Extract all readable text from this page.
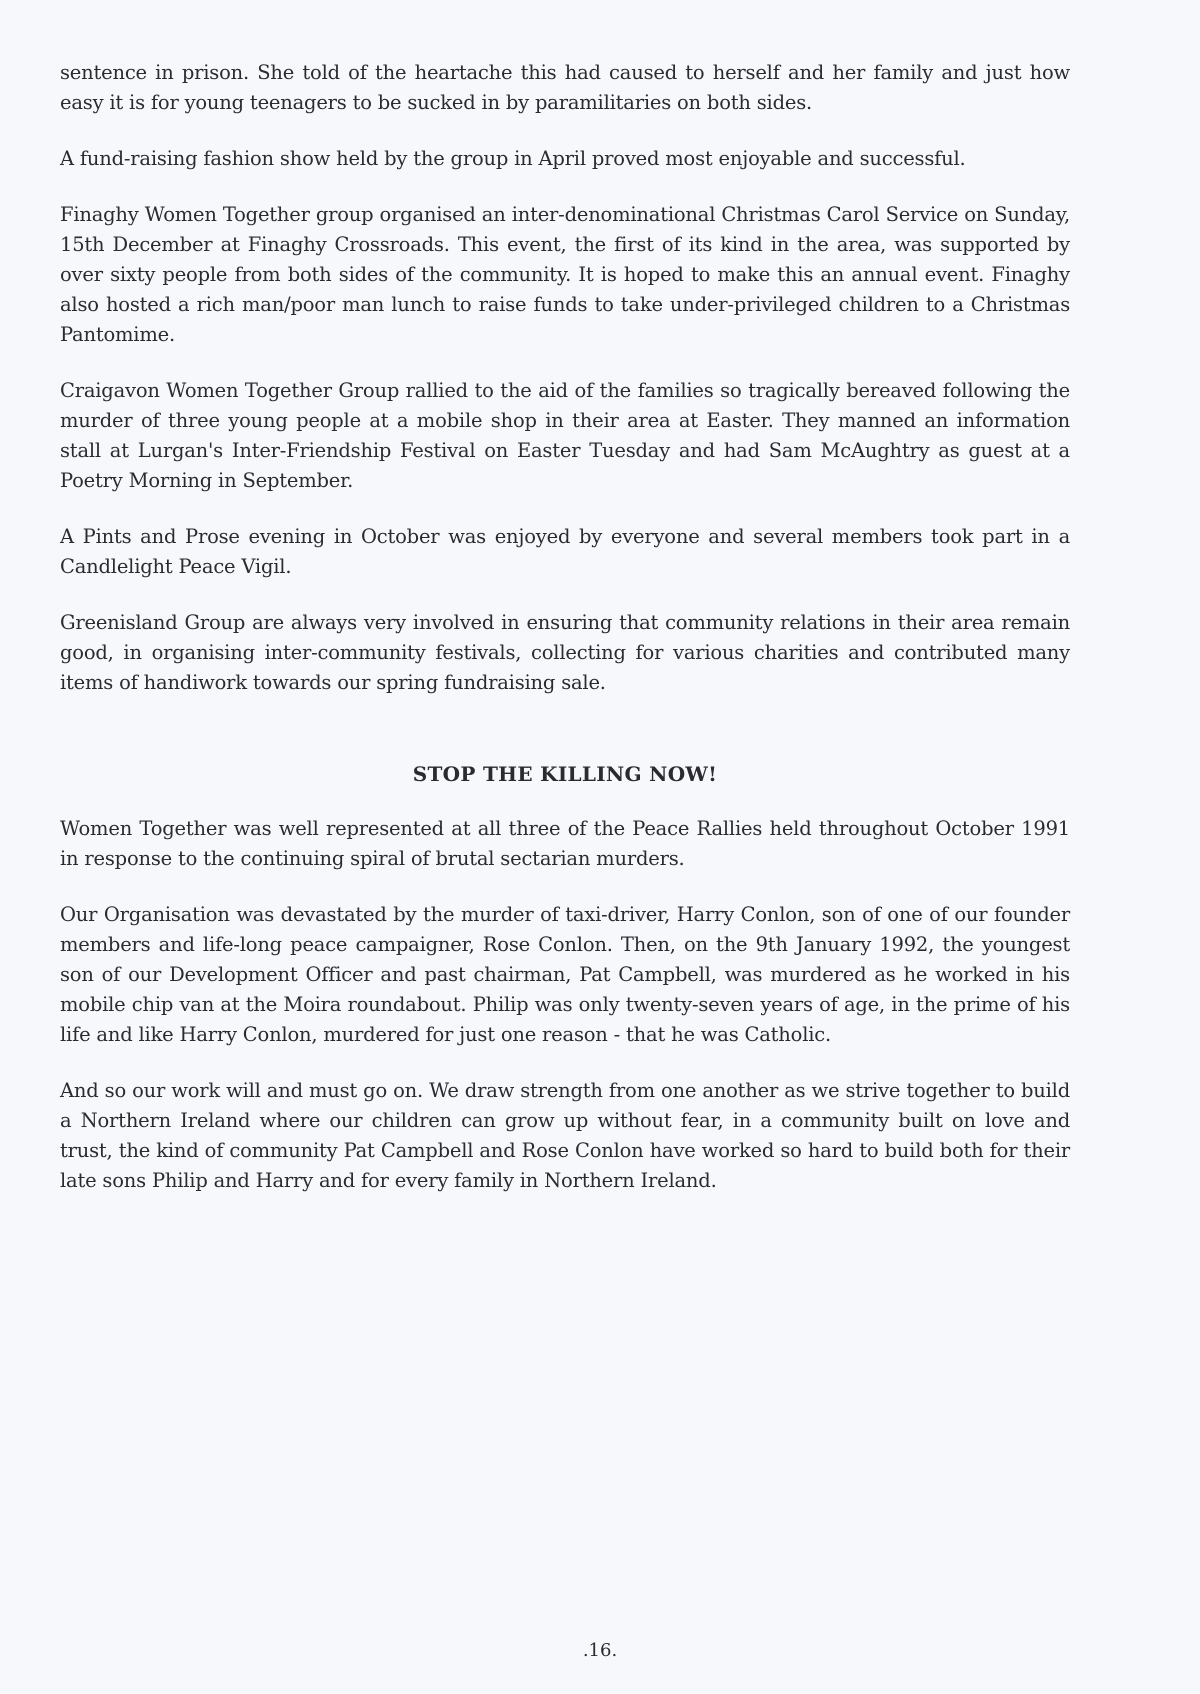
sentence in prison. She told of the heartache this had caused to herself and her family and just how easy it is for young teenagers to be sucked in by paramilitaries on both sides.

A fund-raising fashion show held by the group in April proved most enjoyable and successful.

Finaghy Women Together group organised an inter-denominational Christmas Carol Service on Sunday, 15th December at Finaghy Crossroads. This event, the first of its kind in the area, was supported by over sixty people from both sides of the community. It is hoped to make this an annual event. Finaghy also hosted a rich man/poor man lunch to raise funds to take under-privileged children to a Christmas Pantomime.

Craigavon Women Together Group rallied to the aid of the families so tragically bereaved following the murder of three young people at a mobile shop in their area at Easter. They manned an information stall at Lurgan's Inter-Friendship Festival on Easter Tuesday and had Sam McAughtry as guest at a Poetry Morning in September.

A Pints and Prose evening in October was enjoyed by everyone and several members took part in a Candlelight Peace Vigil.

Greenisland Group are always very involved in ensuring that community relations in their area remain good, in organising inter-community festivals, collecting for various charities and contributed many items of handiwork towards our spring fundraising sale.

STOP THE KILLING NOW!

Women Together was well represented at all three of the Peace Rallies held throughout October 1991 in response to the continuing spiral of brutal sectarian murders.

Our Organisation was devastated by the murder of taxi-driver, Harry Conlon, son of one of our founder members and life-long peace campaigner, Rose Conlon. Then, on the 9th January 1992, the youngest son of our Development Officer and past chairman, Pat Campbell, was murdered as he worked in his mobile chip van at the Moira roundabout. Philip was only twenty-seven years of age, in the prime of his life and like Harry Conlon, murdered for just one reason - that he was Catholic.

And so our work will and must go on. We draw strength from one another as we strive together to build a Northern Ireland where our children can grow up without fear, in a community built on love and trust, the kind of community Pat Campbell and Rose Conlon have worked so hard to build both for their late sons Philip and Harry and for every family in Northern Ireland.

.16.
